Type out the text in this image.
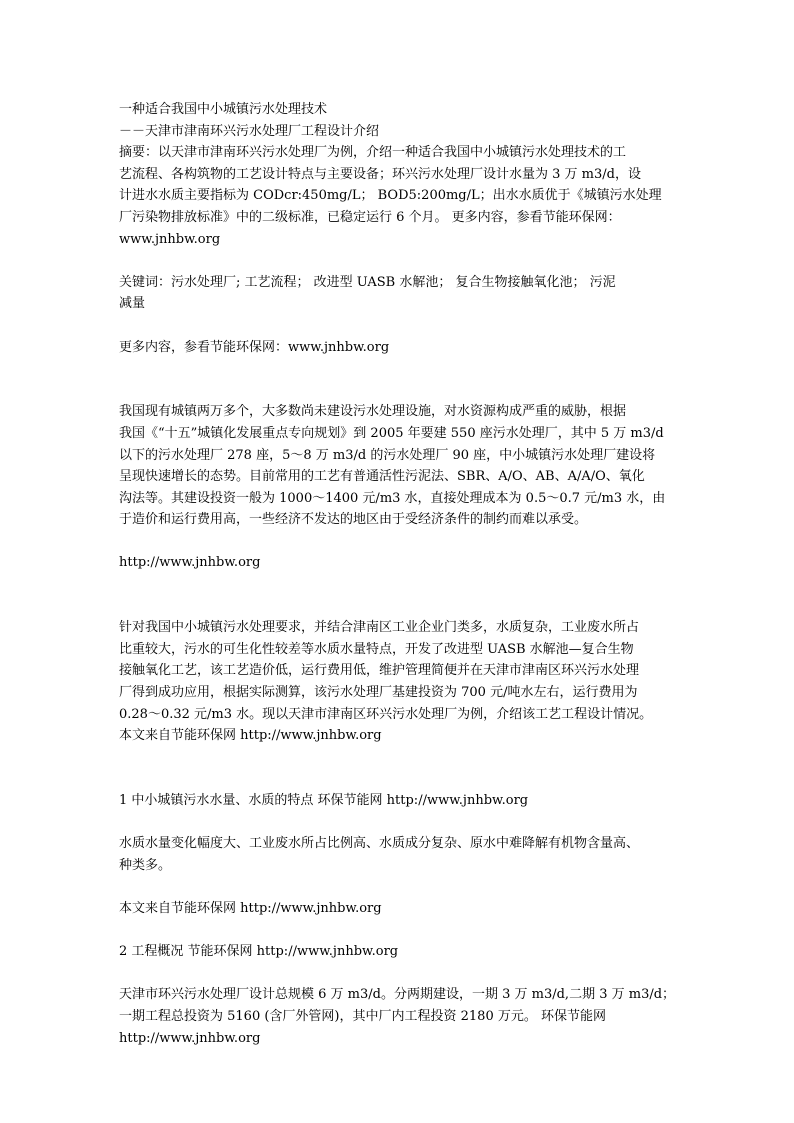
一种适合我国中小城镇污水处理技术
－－天津市津南环兴污水处理厂工程设计介绍
摘要：以天津市津南环兴污水处理厂为例，介绍一种适合我国中小城镇污水处理技术的工
艺流程、各构筑物的工艺设计特点与主要设备；环兴污水处理厂设计水量为 3 万 m3/d，设
计进水水质主要指标为 CODcr:450mg/L； BOD5:200mg/L；出水水质优于《城镇污水处理
厂污染物排放标准》中的二级标准，已稳定运行 6 个月。 更多内容，参看节能环保网：
www.jnhbw.org
关键词：污水处理厂; 工艺流程； 改进型 UASB 水解池； 复合生物接触氧化池； 污泥
减量
更多内容，参看节能环保网：www.jnhbw.org
我国现有城镇两万多个，大多数尚未建设污水处理设施，对水资源构成严重的威胁，根据
我国《“十五”城镇化发展重点专向规划》到 2005 年要建 550 座污水处理厂，其中 5 万 m3/d
以下的污水处理厂 278 座，5～8 万 m3/d 的污水处理厂 90 座，中小城镇污水处理厂建设将
呈现快速增长的态势。目前常用的工艺有普通活性污泥法、SBR、A/O、AB、A/A/O、氧化
沟法等。其建设投资一般为 1000～1400 元/m3 水，直接处理成本为 0.5～0.7 元/m3 水，由
于造价和运行费用高，一些经济不发达的地区由于受经济条件的制约而难以承受。
http://www.jnhbw.org
针对我国中小城镇污水处理要求，并结合津南区工业企业门类多，水质复杂，工业废水所占
比重较大，污水的可生化性较差等水质水量特点，开发了改进型 UASB 水解池—复合生物
接触氧化工艺，该工艺造价低，运行费用低，维护管理简便并在天津市津南区环兴污水处理
厂得到成功应用，根据实际测算，该污水处理厂基建投资为 700 元/吨水左右，运行费用为
0.28～0.32 元/m3 水。现以天津市津南区环兴污水处理厂为例，介绍该工艺工程设计情况。
本文来自节能环保网 http://www.jnhbw.org
1 中小城镇污水水量、水质的特点 环保节能网 http://www.jnhbw.org
水质水量变化幅度大、工业废水所占比例高、水质成分复杂、原水中难降解有机物含量高、
种类多。
本文来自节能环保网 http://www.jnhbw.org
2 工程概况 节能环保网 http://www.jnhbw.org
天津市环兴污水处理厂设计总规模 6 万 m3/d。分两期建设，一期 3 万 m3/d,二期 3 万 m3/d；
一期工程总投资为 5160 (含厂外管网)，其中厂内工程投资 2180 万元。 环保节能网
http://www.jnhbw.org
